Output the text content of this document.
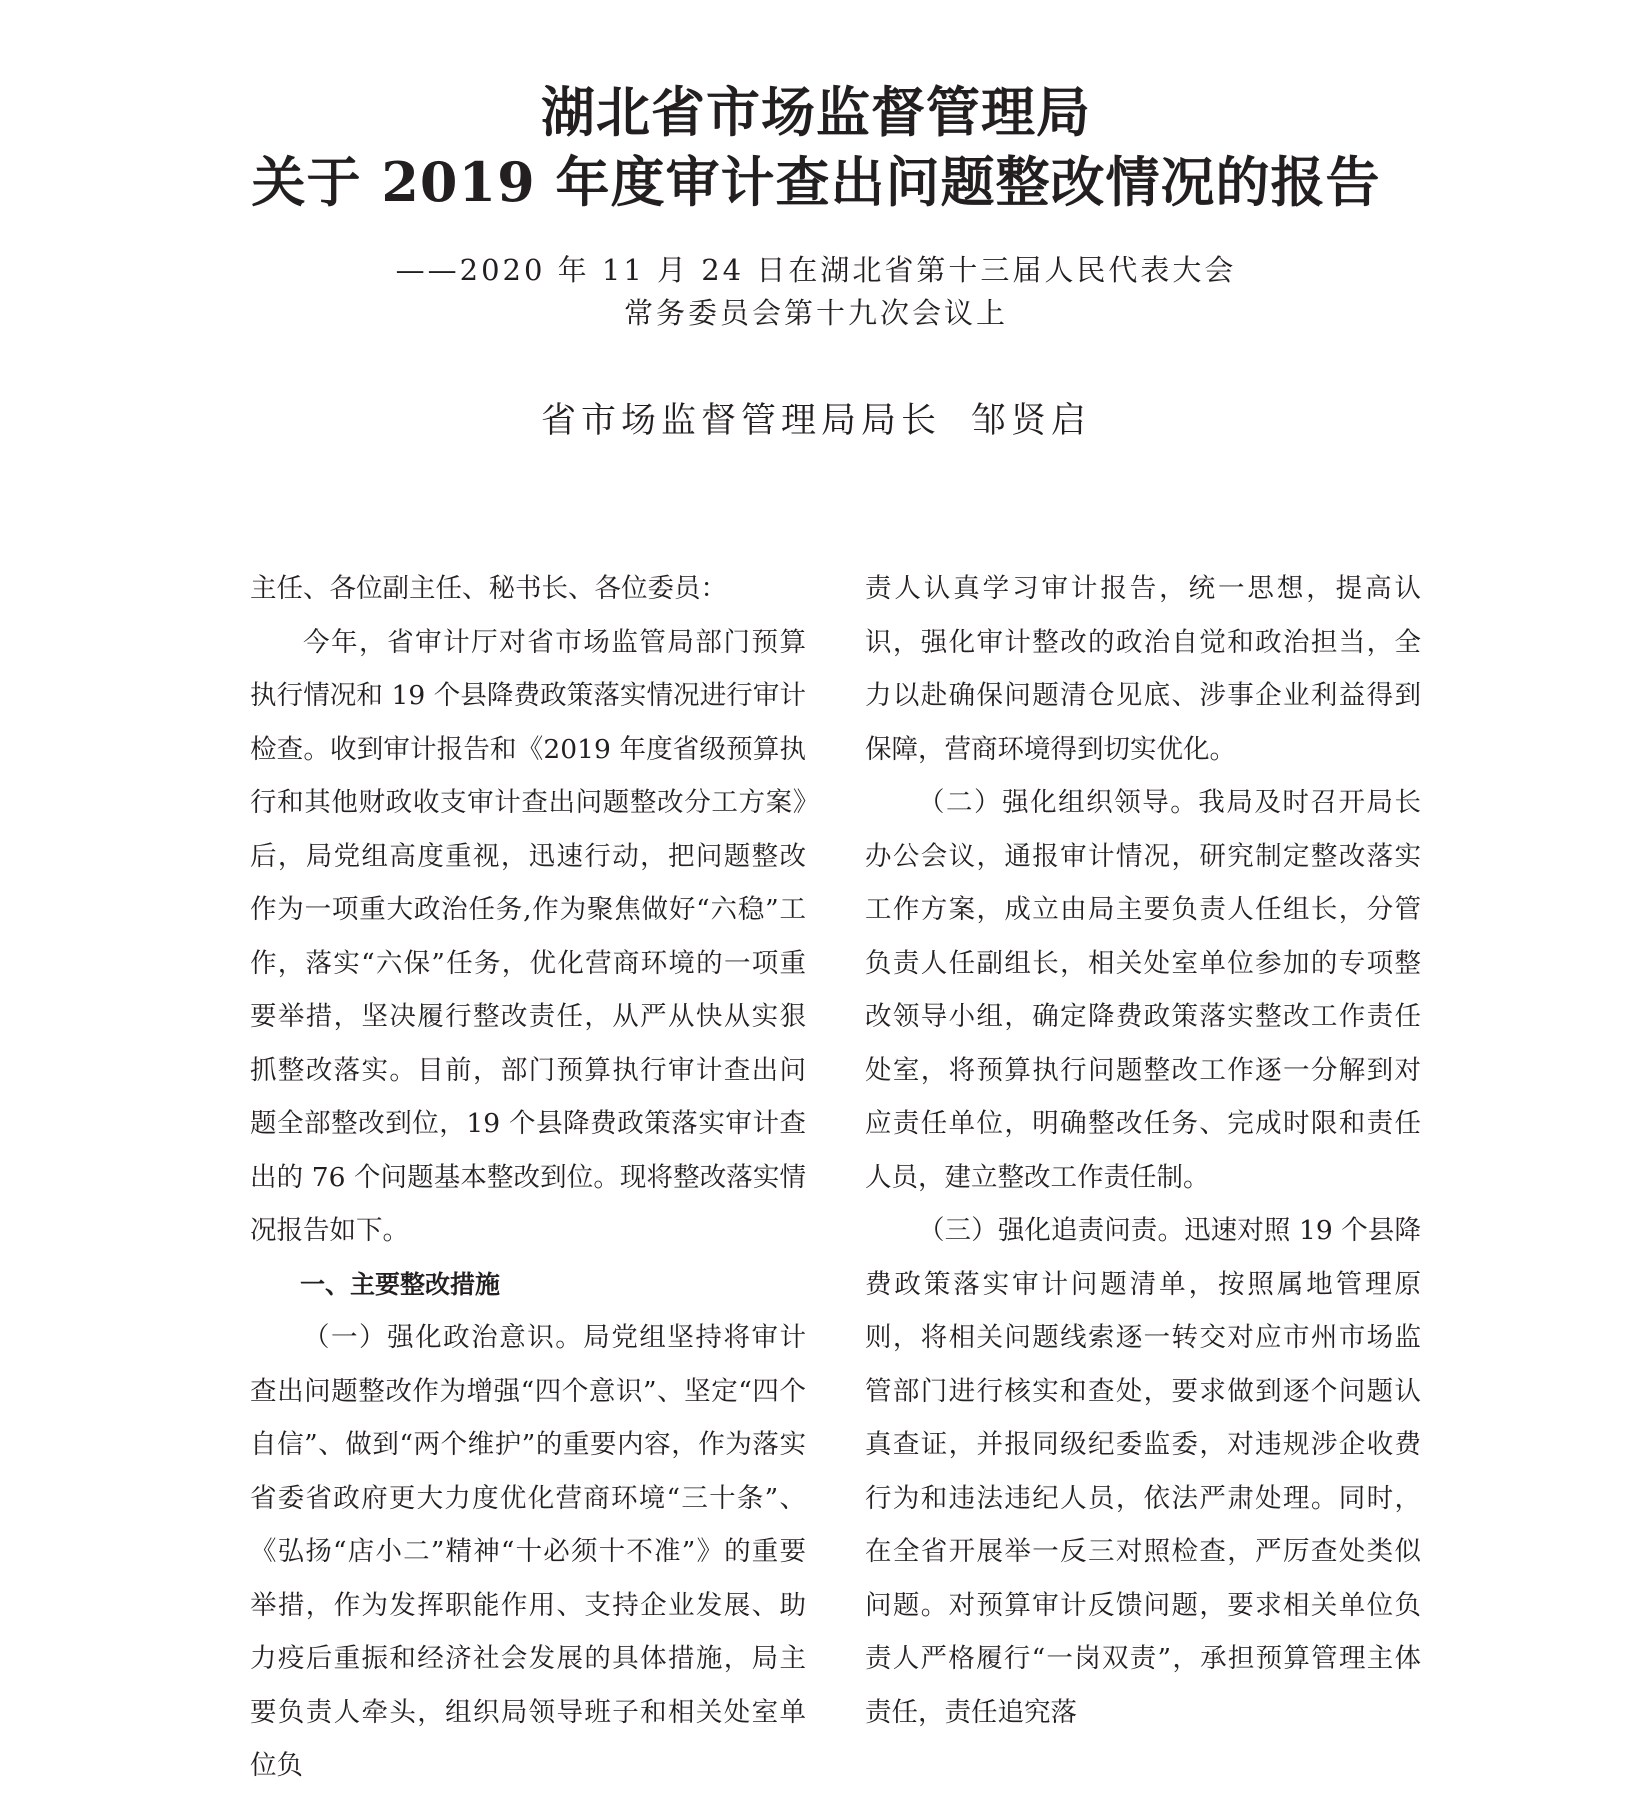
湖北省市场监督管理局
关于 2019 年度审计查出问题整改情况的报告
——2020 年 11 月 24 日在湖北省第十三届人民代表大会
常务委员会第十九次会议上
省市场监督管理局局长 邹贤启

主任、各位副主任、秘书长、各位委员：

今年，省审计厅对省市场监管局部门预算执行情况和 19 个县降费政策落实情况进行审计检查。收到审计报告和《2019 年度省级预算执行和其他财政收支审计查出问题整改分工方案》后，局党组高度重视，迅速行动，把问题整改作为一项重大政治任务,作为聚焦做好“六稳”工作，落实“六保”任务，优化营商环境的一项重要举措，坚决履行整改责任，从严从快从实狠抓整改落实。目前，部门预算执行审计查出问题全部整改到位，19 个县降费政策落实审计查出的 76 个问题基本整改到位。现将整改落实情况报告如下。

一、主要整改措施

（一）强化政治意识。局党组坚持将审计查出问题整改作为增强“四个意识”、坚定“四个自信”、做到“两个维护”的重要内容，作为落实省委省政府更大力度优化营商环境“三十条”、《弘扬“店小二”精神“十必须十不准”》的重要举措，作为发挥职能作用、支持企业发展、助力疫后重振和经济社会发展的具体措施，局主要负责人牵头，组织局领导班子和相关处室单位负

责人认真学习审计报告，统一思想，提高认识，强化审计整改的政治自觉和政治担当，全力以赴确保问题清仓见底、涉事企业利益得到保障，营商环境得到切实优化。

（二）强化组织领导。我局及时召开局长办公会议，通报审计情况，研究制定整改落实工作方案，成立由局主要负责人任组长，分管负责人任副组长，相关处室单位参加的专项整改领导小组，确定降费政策落实整改工作责任处室，将预算执行问题整改工作逐一分解到对应责任单位，明确整改任务、完成时限和责任人员，建立整改工作责任制。

（三）强化追责问责。迅速对照 19 个县降费政策落实审计问题清单，按照属地管理原则，将相关问题线索逐一转交对应市州市场监管部门进行核实和查处，要求做到逐个问题认真查证，并报同级纪委监委，对违规涉企收费行为和违法违纪人员，依法严肃处理。同时，在全省开展举一反三对照检查，严厉查处类似问题。对预算审计反馈问题，要求相关单位负责人严格履行“一岗双责”，承担预算管理主体责任，责任追究落
